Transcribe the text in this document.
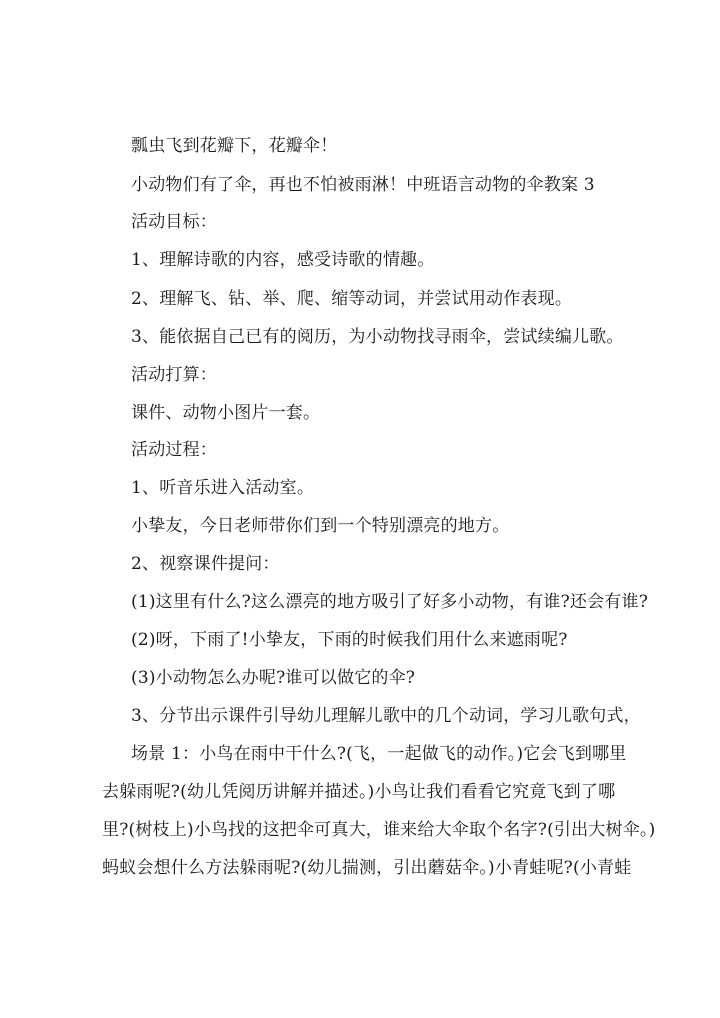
瓢虫飞到花瓣下，花瓣伞！
小动物们有了伞，再也不怕被雨淋！中班语言动物的伞教案 3
活动目标：
1、理解诗歌的内容，感受诗歌的情趣。
2、理解飞、钻、举、爬、缩等动词，并尝试用动作表现。
3、能依据自己已有的阅历，为小动物找寻雨伞，尝试续编儿歌。
活动打算：
课件、动物小图片一套。
活动过程：
1、听音乐进入活动室。
小挚友，今日老师带你们到一个特别漂亮的地方。
2、视察课件提问：
(1)这里有什么?这么漂亮的地方吸引了好多小动物，有谁?还会有谁?
(2)呀，下雨了!小挚友，下雨的时候我们用什么来遮雨呢?
(3)小动物怎么办呢?谁可以做它的伞?
3、分节出示课件引导幼儿理解儿歌中的几个动词，学习儿歌句式，
场景 1：小鸟在雨中干什么?(飞，一起做飞的动作。)它会飞到哪里
去躲雨呢?(幼儿凭阅历讲解并描述。)小鸟让我们看看它究竟飞到了哪
里?(树枝上)小鸟找的这把伞可真大，谁来给大伞取个名字?(引出大树伞。)
蚂蚁会想什么方法躲雨呢?(幼儿揣测，引出蘑菇伞。)小青蛙呢?(小青蛙
